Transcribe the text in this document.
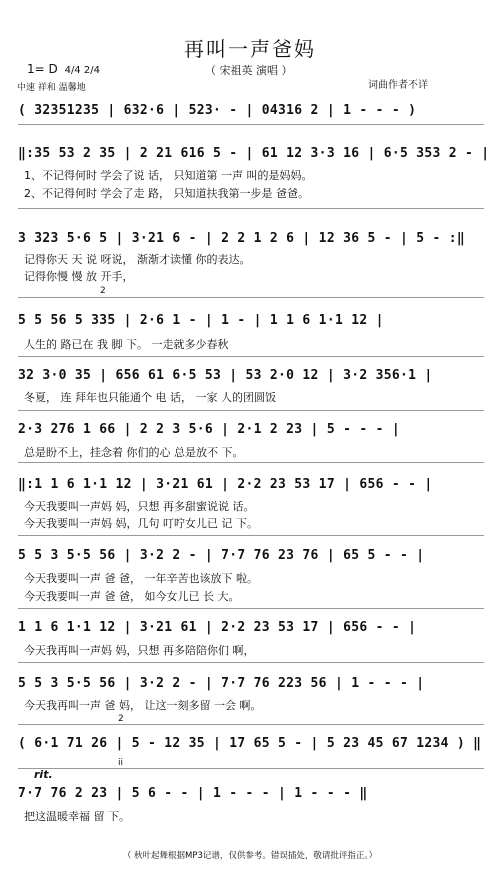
再叫一声爸妈
1= D 4/4 2/4
中速 祥和 温馨地
（ 宋祖英 演唱 ）
词曲作者不详
( 32351235 | 632·6 | 523· - | 04316 2 | 1 - - - )
‖:35 53 2 35 | 2 21 616 5 - | 61 12 3·3 16 | 6·5 353 2 - |
1、不记得何时 学会了说 话， 只知道第 一声 叫的是妈妈。
2、不记得何时 学会了走 路， 只知道扶我第一步是 爸爸。
3 323 5·6 5 | 3·21 6 - | 2 2 1 2 6 | 12 36 5 - | 5 - :‖
记得你天 天 说 呀说， 渐渐才读懂 你的表达。
记得你慢 慢 放 开手，
2
5 5 56 5 335 | 2·6 1 - | 1 - | 1 1 6 1·1 12 |
人生的 路已在 我 脚 下。 一走就多少春秋
32 3·0 35 | 656 61 6·5 53 | 53 2·0 12 | 3·2 356·1 |
冬夏， 连 拜年也只能通个 电 话， 一家 人的团圆饭
2·3 276 1 66 | 2 2 3 5·6 | 2·1 2 23 | 5 - - - |
总是盼不上，挂念着 你们的心 总是放不 下。
‖:1 1 6 1·1 12 | 3·21 61 | 2·2 23 53 17 | 656 - - |
今天我要叫一声妈 妈，只想 再多甜蜜说说 话。
今天我要叫一声妈 妈，几句 叮咛女儿已 记 下。
5 5 3 5·5 56 | 3·2 2 - | 7·7 76 23 76 | 65 5 - - |
今天我要叫一声 爸 爸， 一年辛苦也该放下 啦。
今天我要叫一声 爸 爸， 如今女儿已 长 大。
1 1 6 1·1 12 | 3·21 61 | 2·2 23 53 17 | 656 - - |
今天我再叫一声妈 妈，只想 再多陪陪你们 啊，
5 5 3 5·5 56 | 3·2 2 - | 7·7 76 223 56 | 1 - - - |
今天我再叫一声 爸 妈， 让这一刻多留 一会 啊。
2
( 6·1 71 26 | 5 - 12 35 | 17 65 5 - | 5 23 45 67 1234 ) ‖
ii
rit.
7·7 76 2 23 | 5 6 - - | 1 - - - | 1 - - - ‖
把这温暖幸福 留 下。
（ 秋叶起舞根据MP3记谱，仅供参考。错误插处，敬请批评指正。）
